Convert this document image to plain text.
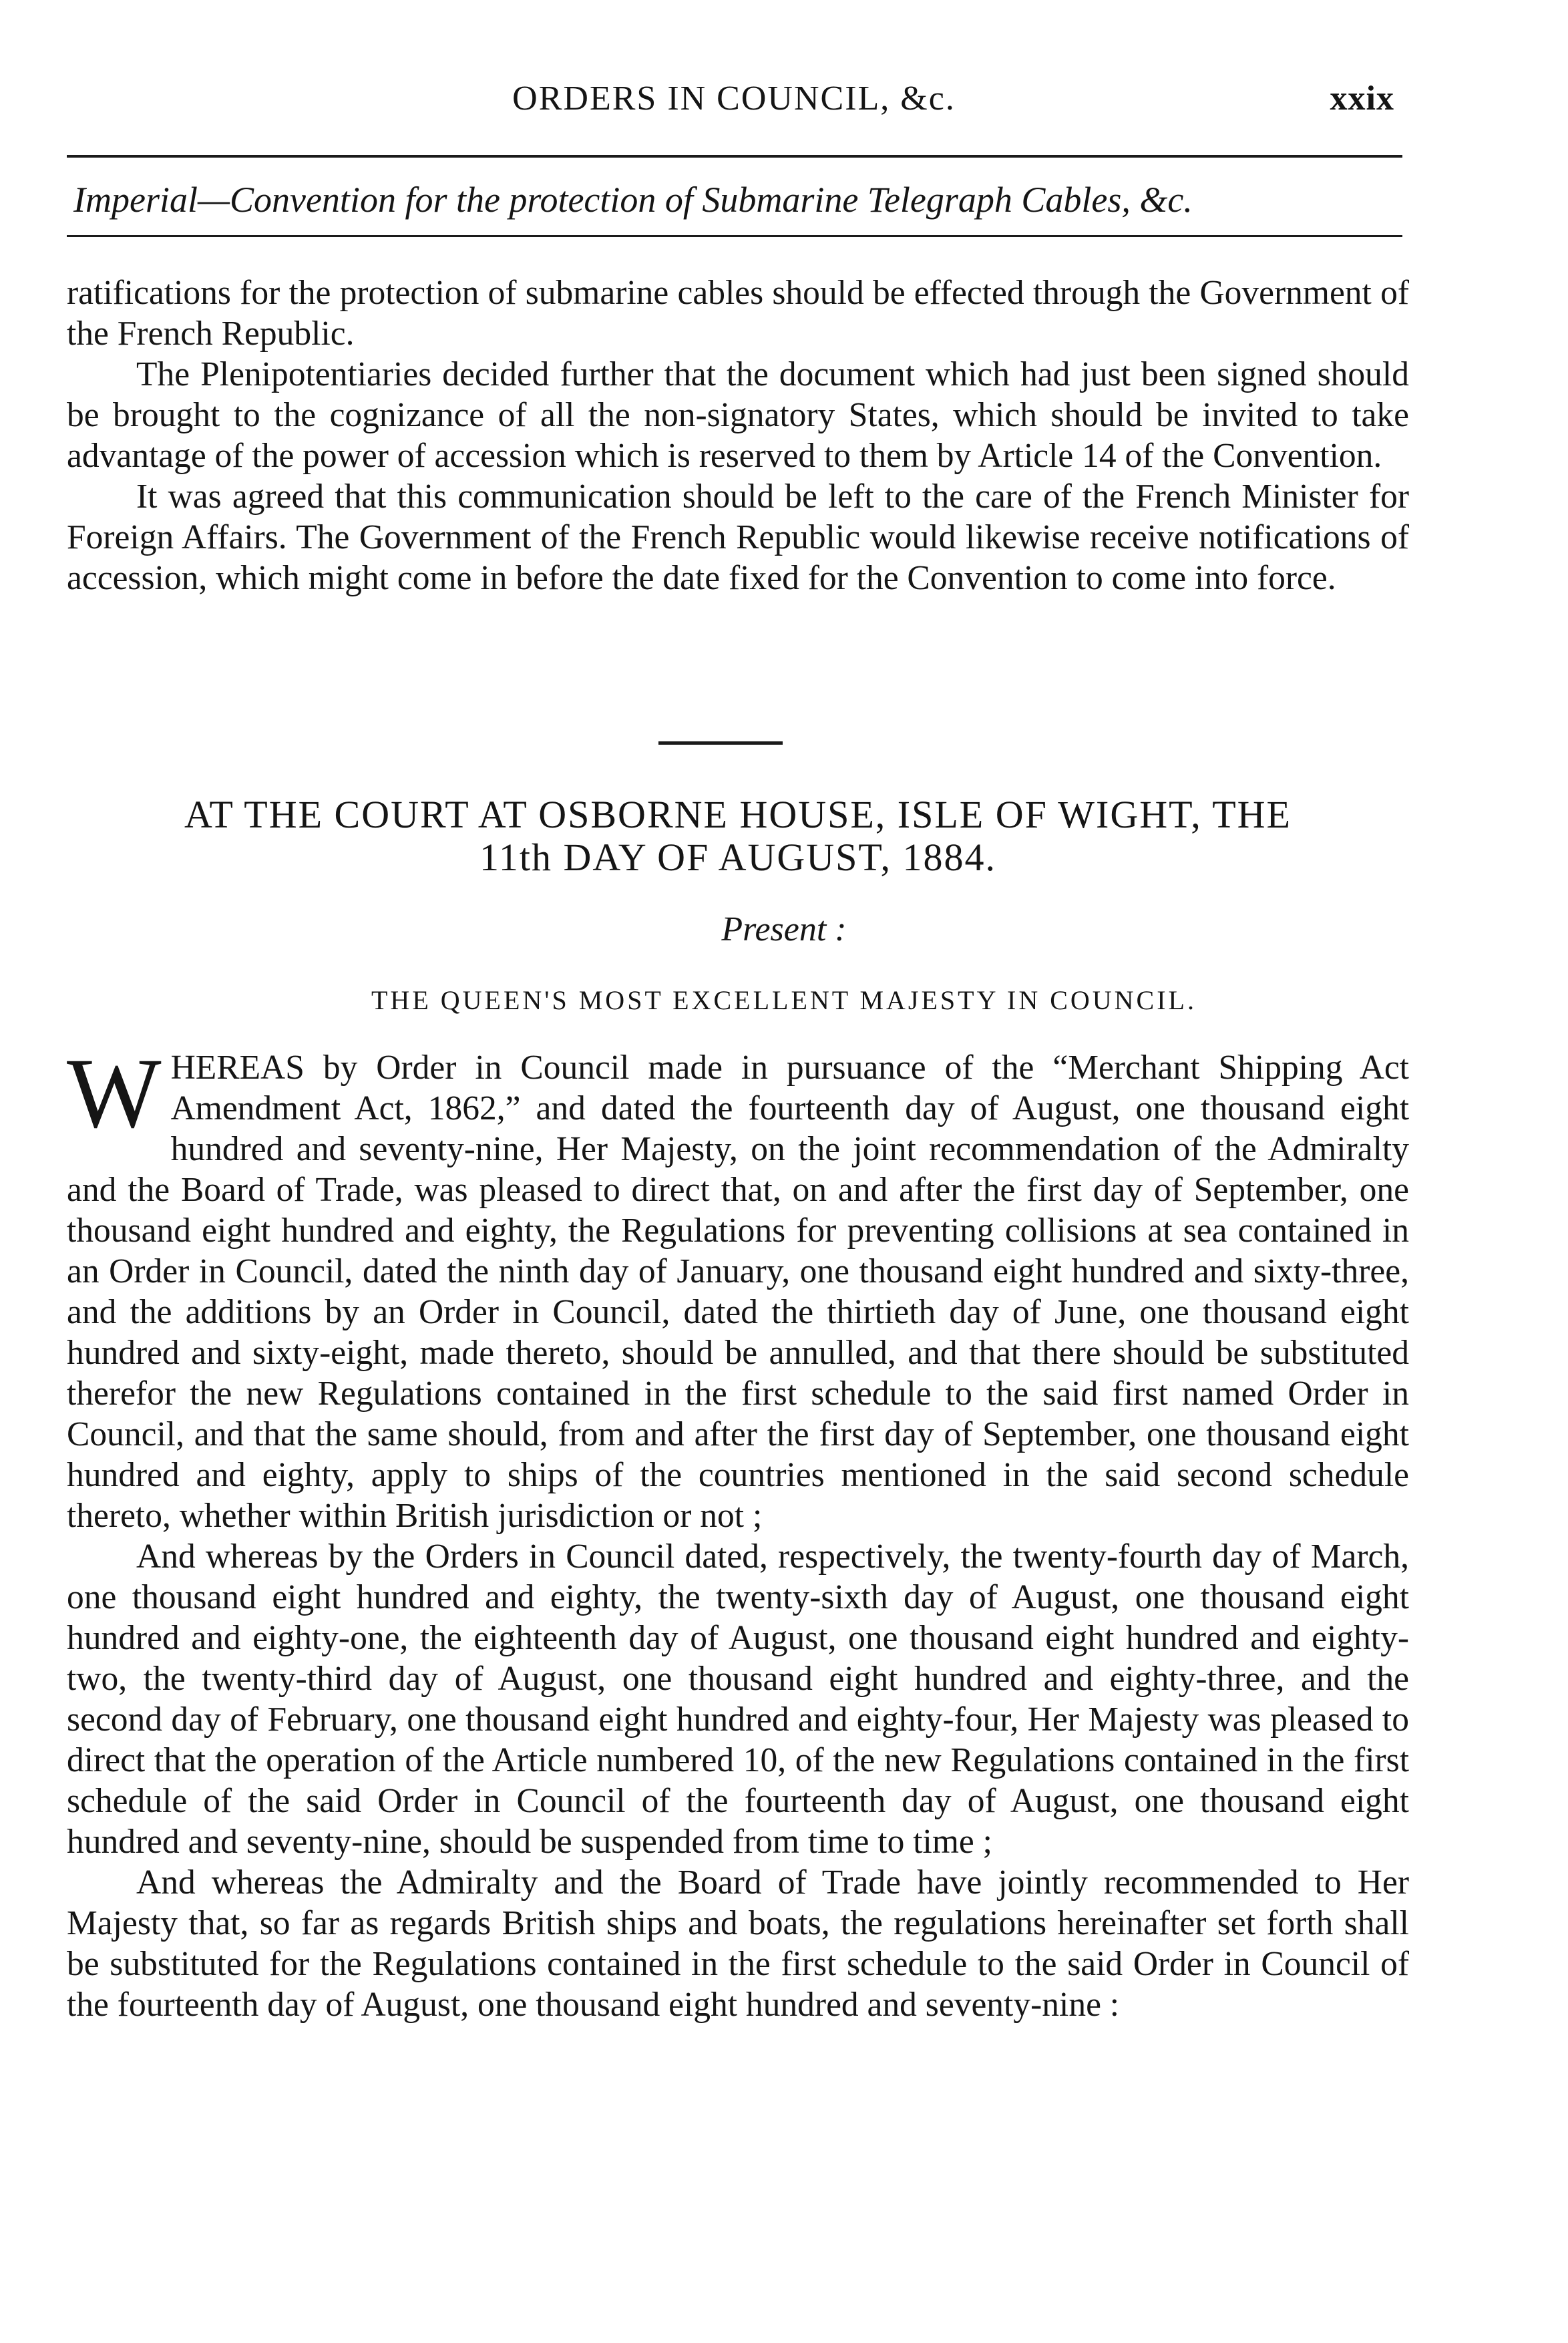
ORDERS IN COUNCIL, &c.	xxix
Imperial—Convention for the protection of Submarine Telegraph Cables, &c.

ratifications for the protection of submarine cables should be effected through the Government of the French Republic.

The Plenipotentiaries decided further that the document which had just been signed should be brought to the cognizance of all the non-signatory States, which should be invited to take advantage of the power of accession which is reserved to them by Article 14 of the Convention.

It was agreed that this communication should be left to the care of the French Minister for Foreign Affairs. The Government of the French Republic would likewise receive notifications of accession, which might come in before the date fixed for the Convention to come into force.

AT THE COURT AT OSBORNE HOUSE, ISLE OF WIGHT, THE
11th DAY OF AUGUST, 1884.
Present :
THE QUEEN'S MOST EXCELLENT MAJESTY IN COUNCIL.

WHEREAS by Order in Council made in pursuance of the “Merchant Shipping Act Amendment Act, 1862,” and dated the fourteenth day of August, one thousand eight hundred and seventy-nine, Her Majesty, on the joint recommendation of the Admiralty and the Board of Trade, was pleased to direct that, on and after the first day of September, one thousand eight hundred and eighty, the Regulations for preventing collisions at sea contained in an Order in Council, dated the ninth day of January, one thousand eight hundred and sixty-three, and the additions by an Order in Council, dated the thirtieth day of June, one thousand eight hundred and sixty-eight, made thereto, should be annulled, and that there should be substituted therefor the new Regulations contained in the first schedule to the said first named Order in Council, and that the same should, from and after the first day of September, one thousand eight hundred and eighty, apply to ships of the countries mentioned in the said second schedule thereto, whether within British jurisdiction or not ;

And whereas by the Orders in Council dated, respectively, the twenty-fourth day of March, one thousand eight hundred and eighty, the twenty-sixth day of August, one thousand eight hundred and eighty-one, the eighteenth day of August, one thousand eight hundred and eighty-two, the twenty-third day of August, one thousand eight hundred and eighty-three, and the second day of February, one thousand eight hundred and eighty-four, Her Majesty was pleased to direct that the operation of the Article numbered 10, of the new Regulations contained in the first schedule of the said Order in Council of the fourteenth day of August, one thousand eight hundred and seventy-nine, should be suspended from time to time ;

And whereas the Admiralty and the Board of Trade have jointly recommended to Her Majesty that, so far as regards British ships and boats, the regulations hereinafter set forth shall be substituted for the Regulations contained in the first schedule to the said Order in Council of the fourteenth day of August, one thousand eight hundred and seventy-nine :
